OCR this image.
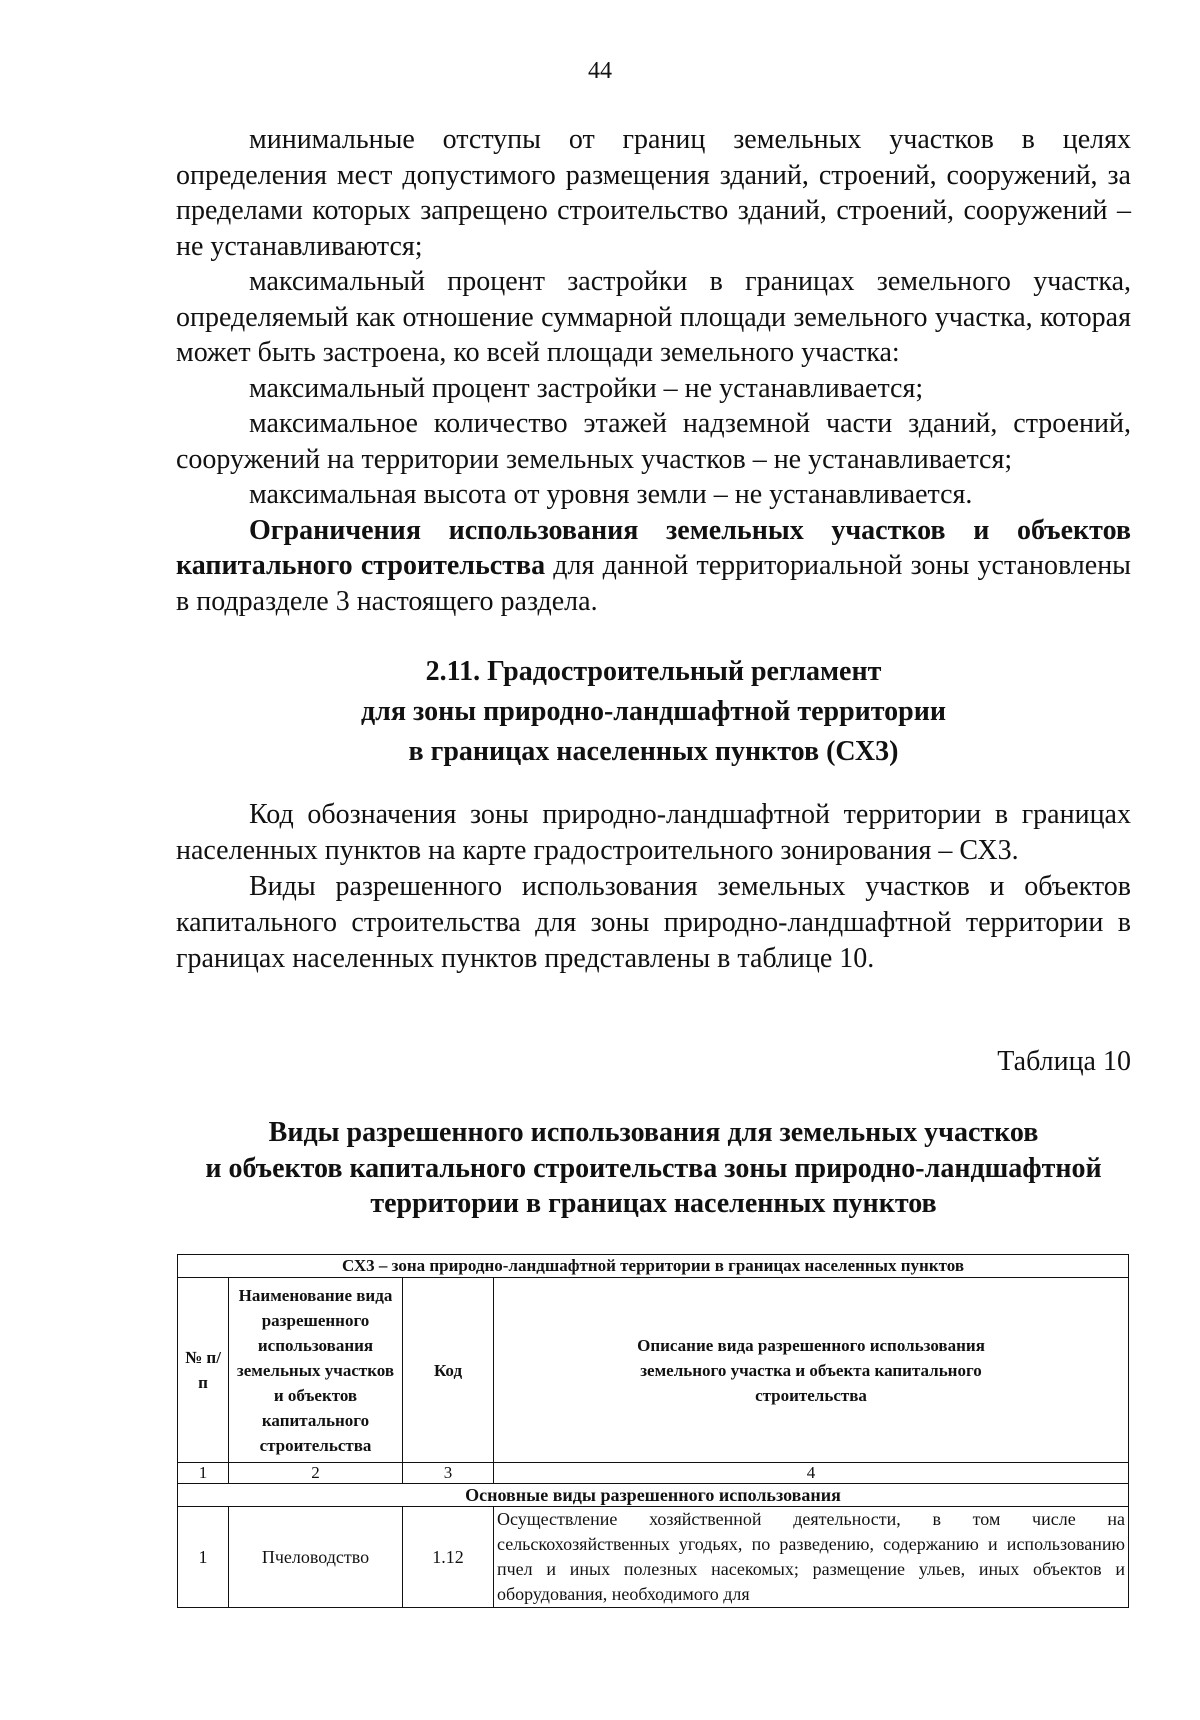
44

минимальные отступы от границ земельных участков в целях определения мест допустимого размещения зданий, строений, сооружений, за пределами которых запрещено строительство зданий, строений, сооружений – не устанавливаются;

максимальный процент застройки в границах земельного участка, определяемый как отношение суммарной площади земельного участка, которая может быть застроена, ко всей площади земельного участка:

максимальный процент застройки – не устанавливается;

максимальное количество этажей надземной части зданий, строений, сооружений на территории земельных участков – не устанавливается;

максимальная высота от уровня земли – не устанавливается.

Ограничения использования земельных участков и объектов капитального строительства для данной территориальной зоны установлены в подразделе 3 настоящего раздела.

2.11. Градостроительный регламент
для зоны природно-ландшафтной территории
в границах населенных пунктов (СХ3)

Код обозначения зоны природно-ландшафтной территории в границах населенных пунктов на карте градостроительного зонирования – СХ3.

Виды разрешенного использования земельных участков и объектов капитального строительства для зоны природно-ландшафтной территории в границах населенных пунктов представлены в таблице 10.

Таблица 10
Виды разрешенного использования для земельных участков
и объектов капитального строительства зоны природно-ландшафтной
территории в границах населенных пунктов
СХ3 – зона природно-ландшафтной территории в границах населенных пунктов			
№ п/п	Наименование вида разрешенного использования земельных участков и объектов капитального строительства	Код	Описание вида разрешенного использования земельного участка и объекта капитального строительства
1	2	3	4
Основные виды разрешенного использования			
1	Пчеловодство	1.12	Осуществление хозяйственной деятельности, в том числе на сельскохозяйственных угодьях, по разведению, содержанию и использованию пчел и иных полезных насекомых; размещение ульев, иных объектов и оборудования, необходимого для
